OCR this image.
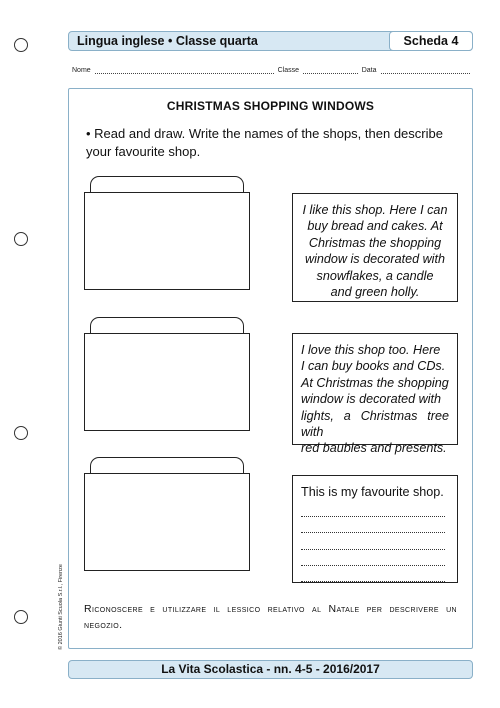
Lingua inglese • Classe quarta	Scheda 4
Nome	Classe	Data
CHRISTMAS SHOPPING WINDOWS
• Read and draw. Write the names of the shops, then describe your favourite shop.
I like this shop. Here I can
buy bread and cakes. At
Christmas the shopping
window is decorated with
snowflakes, a candle
and green holly.
I love this shop too. Here
I can buy books and CDs.
At Christmas the shopping
window is decorated with
lights, a Christmas tree with
red baubles and presents.
This is my favourite shop.
Riconoscere e utilizzare il lessico relativo al Natale per descrivere un negozio.
© 2016 Giunti Scuola S.r.l., Firenze
La Vita Scolastica - nn. 4-5 - 2016/2017
